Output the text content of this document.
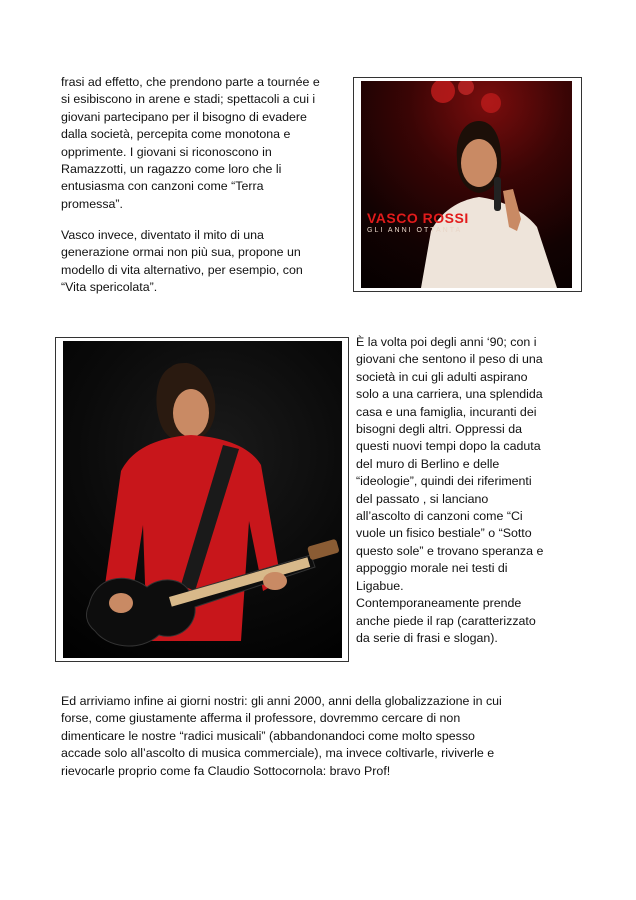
frasi ad effetto, che prendono parte a tournée e
si esibiscono in arene e stadi; spettacoli a cui i
giovani partecipano per il bisogno di evadere
dalla società, percepita come monotona e
opprimente. I giovani si riconoscono in
Ramazzotti, un ragazzo come loro che li
entusiasma con canzoni come “Terra
promessa”.

Vasco invece, diventato il mito di una
generazione ormai non più sua, propone un
modello di vita alternativo, per esempio, con
“Vita spericolata”.

VASCO ROSSI

GLI ANNI OTTANTA

È la volta poi degli anni ‘90; con i
giovani che sentono il peso di una
società in cui gli adulti aspirano
solo a una carriera, una splendida
casa e una famiglia, incuranti dei
bisogni degli altri. Oppressi da
questi nuovi tempi dopo la caduta
del muro di Berlino e delle
“ideologie”, quindi dei riferimenti
del passato , si lanciano
all’ascolto di canzoni come “Ci
vuole un fisico bestiale” o “Sotto
questo sole” e trovano speranza e
appoggio morale nei testi di
Ligabue.
Contemporaneamente prende
anche piede il rap (caratterizzato
da serie di frasi e slogan).

Ed arriviamo infine ai giorni nostri: gli anni 2000, anni della globalizzazione in cui
forse, come giustamente afferma il professore, dovremmo cercare di non
dimenticare le nostre “radici musicali” (abbandonandoci come molto spesso
accade solo all’ascolto di musica commerciale), ma invece coltivarle, riviverle e
rievocarle proprio come fa Claudio Sottocornola: bravo Prof!
